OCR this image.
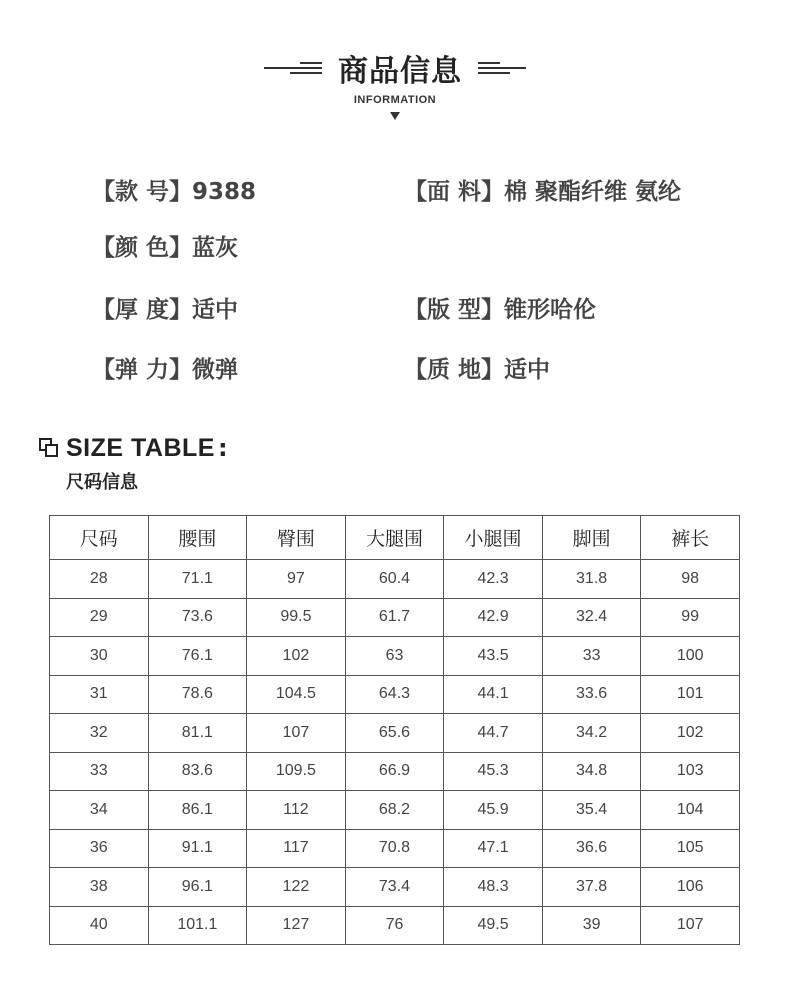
商品信息
INFORMATION
【款 号】9388	【面 料】棉 聚酯纤维 氨纶
【颜 色】蓝灰
【厚 度】适中	【版 型】锥形哈伦
【弹 力】微弹	【质 地】适中
SIZE TABLE :
尺码信息
尺码	腰围	臀围	大腿围	小腿围	脚围	裤长
28	71.1	97	60.4	42.3	31.8	98
29	73.6	99.5	61.7	42.9	32.4	99
30	76.1	102	63	43.5	33	100
31	78.6	104.5	64.3	44.1	33.6	101
32	81.1	107	65.6	44.7	34.2	102
33	83.6	109.5	66.9	45.3	34.8	103
34	86.1	112	68.2	45.9	35.4	104
36	91.1	117	70.8	47.1	36.6	105
38	96.1	122	73.4	48.3	37.8	106
40	101.1	127	76	49.5	39	107
